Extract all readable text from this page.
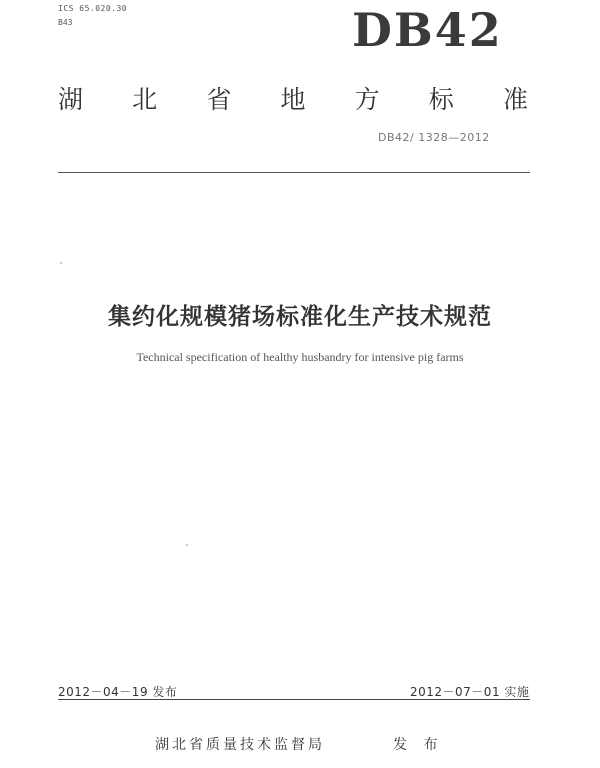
ICS 65.020.30
B43	DB42
湖 北 省 地 方 标 准
DB42/ 1328—2012
集约化规模猪场标准化生产技术规范
Technical specification of healthy husbandry for intensive pig farms
2012－04－19 发布	2012－07－01 实施
湖北省质量技术监督局	发 布
